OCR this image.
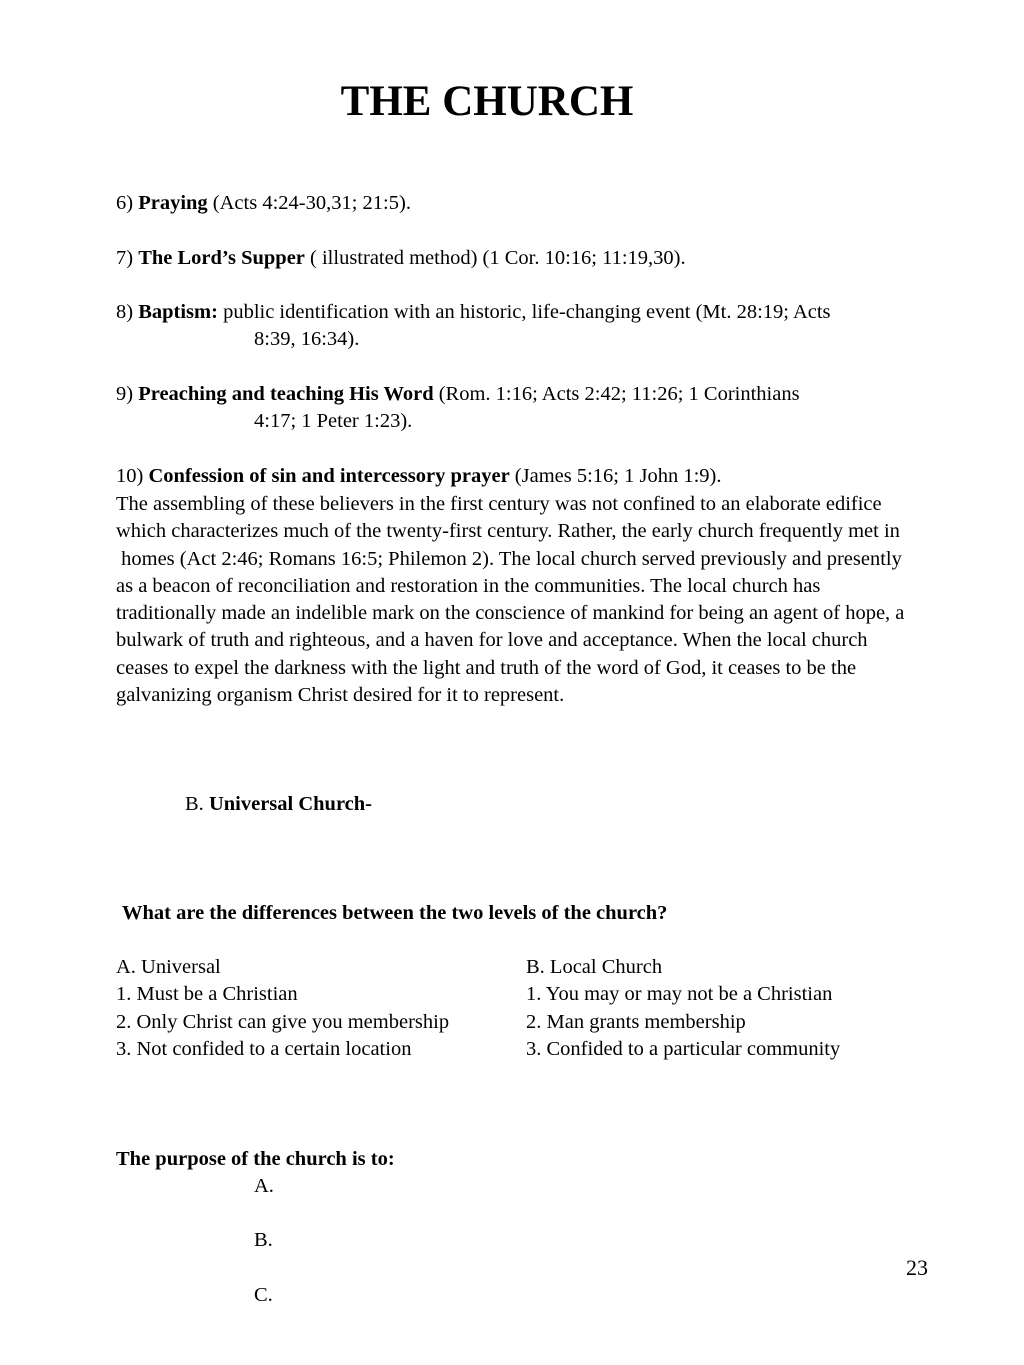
THE CHURCH
6) Praying (Acts 4:24-30,31; 21:5).
7) The Lord’s Supper ( illustrated method) (1 Cor. 10:16; 11:19,30).
8) Baptism: public identification with an historic, life-changing event (Mt. 28:19; Acts
8:39, 16:34).
9) Preaching and teaching His Word (Rom. 1:16; Acts 2:42; 11:26; 1 Corinthians
4:17; 1 Peter 1:23).
10) Confession of sin and intercessory prayer (James 5:16; 1 John 1:9).
The assembling of these believers in the first century was not confined to an elaborate edifice
which characterizes much of the twenty-first century. Rather, the early church frequently met in
homes (Act 2:46; Romans 16:5; Philemon 2). The local church served previously and presently
as a beacon of reconciliation and restoration in the communities. The local church has
traditionally made an indelible mark on the conscience of mankind for being an agent of hope, a
bulwark of truth and righteous, and a haven for love and acceptance. When the local church
ceases to expel the darkness with the light and truth of the word of God, it ceases to be the
galvanizing organism Christ desired for it to represent.
B. Universal Church-
What are the differences between the two levels of the church?
A. Universal
1. Must be a Christian
2. Only Christ can give you membership
3. Not confided to a certain location
B. Local Church
1. You may or may not be a Christian
2. Man grants membership
3. Confided to a particular community
The purpose of the church is to:
A.
B.
C.
23
